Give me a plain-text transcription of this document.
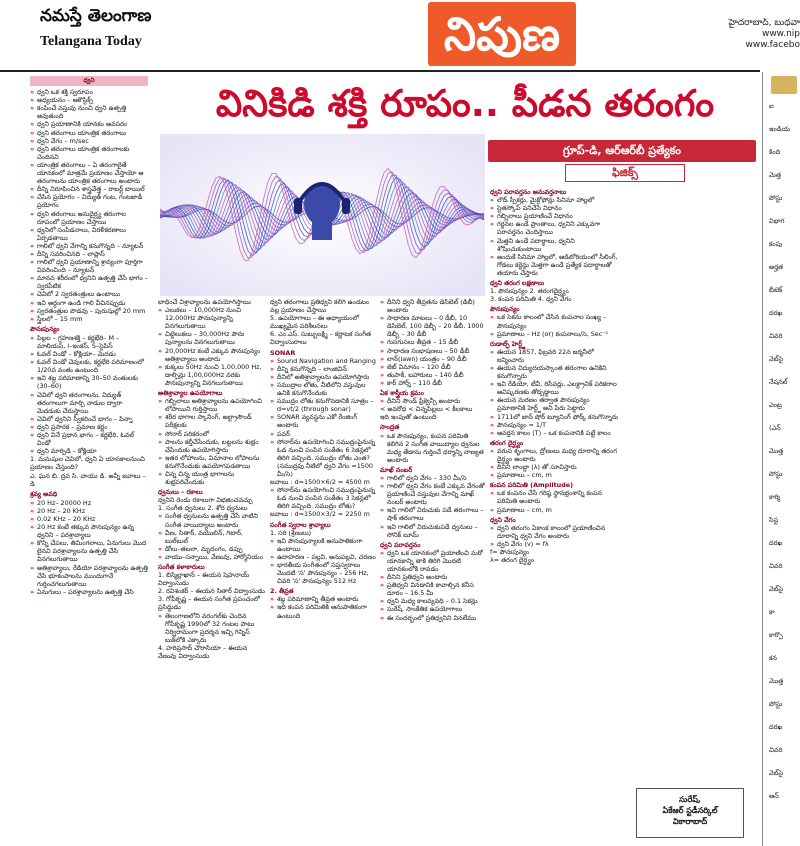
నమస్తే తెలంగాణ
Telangana Today	నిపుణ	హైదరాబాద్, బుధవా
www.nip
www.facebo
ధ్వని
» ధ్వని ఒక శక్తి స్వరూపం
» అధ్యయనం – ఆకౌస్టిక్స్
» కంపించే వస్తువు నుంచి ధ్వని ఉత్పత్తి అవుతుంది
» ధ్వని ప్రయాణానికి యానకం అవసరం
» ధ్వని తరంగాలు యాంత్రిక తరంగాలు
» ధ్వని వేగం – m/sec
» ధ్వని తరంగాలు యాంత్రిక తరంగాలకు చెందినవి
» యాంత్రిక తరంగాలు – ఏ తరంగాలైతే యానకంలో మాత్రమే ప్రయాణం చేస్తాయో ఆ తరంగాలను యాంత్రిక తరంగాలు అంటారు
» దీన్ని నిరూపించిన శాస్త్రవేత్త – రాబర్ట్ బాయిల్
» చేసిన ప్రయోగం – విద్యుత్ గంట, గంటజాడీ ప్రయోగం
» ధ్వని తరంగాలు అనుదైర్ఘ్య తరంగాల రూపంలో ప్రయాణం చేస్తాయి
» ధ్వనిలో సంపీడనాలు, విరళీకరణాలు ఏర్పడతాయి
» గాలిలో ధ్వని వేగాన్ని కనుగొన్నది – న్యూటన్
» దీన్ని సవరించినది – లాప్లాస్
» గాలిలో ధ్వని ప్రయాణాన్ని శ్రావ్యంగా పూర్తిగా వివరించింది – న్యూటన్
» మానవ శరీరంలో ధ్వనిని ఉత్పత్తి చేసే భాగం – స్వరపేటిక
» చెవిలో 2 స్వరతంత్రులు ఉంటాయి
» ఇవి అర్ధంగా ఉండి గాలి వీచినప్పుడు
» స్వరతంత్రుల పొడవు – పురుషుల్లో 20 mm
» స్త్రీలలో – 15 mm
పౌనఃపున్యం
» పిల్లల – గ్రహణశక్తి – కర్ణభేరి– M – మాలియస్, I–ఇంకస్, S–స్టెపిస్
» ఓవల్ విండో – కోక్లియా– మెదడు
» ఓవల్ విండో చెవులకు, కర్ణభేరి పరిమాణంలో 1/20వ వంతు ఉంటుంది
» ఇవి శబ్ద పరిమాణాన్ని 30–50 వంతులకు (30–60)
» చెవిలో ధ్వని తరంగాలను, విద్యుత్ తరంగాలుగా మార్చి నాడుల ద్వారా మెదడుకు చేరుస్తాయి
» చెవిలో ధ్వనిని స్వీకరించే భాగం – పిన్నా
» ధ్వని ప్రసారక – ప్రమాణ కర్ణం
» ధ్వని వినే ప్రధాన భాగం – కర్ణభేరి, ఓవల్ విండో
» ధ్వని మార్పిడి – కోక్లియా
1. మనుషుల చెవిలో, ధ్వని ఏ యానకాలనుంచి ప్రయాణం చేస్తుంది?
ఎ. ఘన బి. ద్రవ సి. వాయు డి. అన్నీ జవాబు – డి
శ్రవ్య అవధి
» 20 Hz– 20000 Hz
» 20 Hz – 20 KHz
» 0.02 KHz – 20 KHz
» 20 Hz కంటే తక్కువ పౌనఃపున్యం ఉన్న ధ్వనిని – పరశ్రావ్యాలు
» కొన్ని చేపలు, తిమింగలాలు, ఏనుగులు మొద లైనవి పరశ్రావ్యాలను ఉత్పత్తి చేసి వినగలుగుతాయి
» అతిశ్రావ్యాలు, రేడియో పరశ్రావ్యాలను ఉత్పత్తి చేసి భూకంపాలను ముందుగానే గుర్తించగలుగుతాయి
» ఏనుగులు – పరశ్రావ్యాలను ఉత్పత్తి చేసి
వినికిడి శక్తి రూపం.. పీడన తరంగం
గ్రూప్-డి, ఆర్ఆర్‌బీ ప్రత్యేకం
ఫిజిక్స్
బాధించే విశ్రావ్యాలను ఉపయోగిస్తాయి
» ఎలుకలు – 10,000Hz నుంచి 12,000Hz పౌనఃపున్యాన్ని వినగలుగుతాయి
» చిట్టెలుకలు – 30,000Hz పౌనః పున్యాలను వినగలుగుతాయి
» 20,000Hz కంటే ఎక్కువ పౌనఃపున్యం అతిశ్రావ్యాలు అంటారు
» కుక్కలు 50Hz నుంచి 1,00,000 Hz, డాల్ఫిన్లు 1,00,000Hz వరకు పౌనఃపున్యాన్ని వినగలుగుతాయి
అతిశ్రావ్యాల ఉపయోగాలు
» గబ్బిలాలు అతిశ్రావ్యాలను ఉపయోగించి లోపాయిని గుర్తిస్తాయి
» శరీర భాగాల స్కానింగ్, అల్ట్రాసౌండ్ పరీక్షలకు
» సోనార్ పరికరంలో
» పాలను కల్తీచేసేందుకు, బట్టలను శుభ్రం చేసేందుకు ఉపయోగిస్తారు
» ఇతర లోహాలను, విమానాల లోపాలను కనుగొనేందుకు ఉపయోగపడతాయి
» చిన్న చిన్న యంత్ర భాగాలను శుభ్రపరిచేందుకు
ధ్వనులు – రకాలు
ధ్వనిని రెండు రకాలుగా విభజించవచ్చు
1. సంగీత ధ్వనులు 2. శోర ధ్వనులు
» సంగీత ధ్వనులను ఉత్పత్తి చేసే వాటిని సంగీత వాయిద్యాలు అంటారు
» వీణ, సితార్, వయొలిన్, గిటార్, బుల్‌బుల్
» డోలు–తబలా, మృదంగం, డప్పు
» వాయు–సన్నాయి, వేణువు, హార్మోనియం
సంగీత కళాకారులు
1. బిస్మిల్లాఖాన్ – ఈయన షెహనాయ్ విద్వాంసుడు
2. రవిశంకర్ – ఈయన సితార్ విద్వాంసుడు
3. గోపీకృష్ణ – ఈయన సంగీత ప్రపంచంలో ప్రసిద్ధుడు
» తెలంగాణలోని వరంగల్‌కు చెందిన గోపీకృష్ణ 1990లో 32 గంటల పాటు నిర్విరామంగా ప్రదర్శన ఇచ్చి గిన్నిస్ బుక్‌లోకి ఎక్కారు
4. హరిప్రసాద్ చౌరాసియా – ఈయన వేణువు విద్వాంసుడు
ధ్వని తరంగాలు ప్రతిధ్వని కలిగి ఉండటం వల్ల ప్రయాణం చేస్తాయి
5. ఉపయోగాలు – ఈ అధ్యాయంలో ముఖ్యమైన పరిశీలనలు
6. ఎం.ఎస్. సుబ్బులక్ష్మి – కర్ణాటక సంగీత విద్వాంసురాలు
SONAR
» Sound Navigation and Ranging
» దీన్ని కనుగొన్నది – లాంజివిన్
» దీనిలో అతిశ్రావ్యాలను ఉపయోగిస్తారు
» సముద్రాల లోతు, నీటిలోని వస్తువుల ఉనికి కనుగొనేందుకు
» సముద్రం లోతు కనుగొనడానికి సూత్రం – d=vt/2 (through sonar)
» SONAR వ్యవస్థను ఎకో రేంజింగ్ అంటారు
» పవర్
» సోనార్‌ను ఉపయోగించి సముద్రంపైనున్న ఓడ నుంచి పంపిన సంకేతం 6 సెకన్లలో తిరిగి వచ్చింది. సముద్రం లోతు ఎంత? (సముద్రపు నీటిలో ధ్వని వేగం =1500 మీ/సె)
జవాబు : d=1500×6/2 = 4500 m
» సోనార్‌ను ఉపయోగించి సముద్రంపైనున్న ఓడ నుంచి పంపిన సంకేతం 3 సెకన్లలో తిరిగి వచ్చింది. సముద్రం లోతు?
జవాబు : d=1500×3/2 = 2250 m
సంగీత స్వరాల శ్రావ్యాలు
1. సరి (శ్రేణులు)
» ఇవి పౌనఃపున్యాలకి ఆనుపాతికంగా ఉంటాయి
» ఉదాహరణ – పల్లవి, అనుపల్లవి, చరణం
» భారతీయ సంగీతంలో సప్తస్వరాలు మొదటి 'స' పౌనఃపున్యం – 256 Hz, చివరి 'స' పౌనఃపున్యం 512 Hz
2. తీవ్రత
» శబ్ద పరిమాణాన్ని తీవ్రత అంటారు
» ఇది కంపన పరిమితికి ఆనుపాతికంగా ఉంటుంది
» దీనిని ధ్వని తీవ్రతను డెసిబెల్ (డిబీ) అంటారు
» సాధారణ మాటలు – 0 డీబీ, 10 డెసిబెల్, 100 డెబ్బీ – 20 డీబీ, 1000 డెబ్బీ – 30 డీబీ
» గుసగుసలు తీవ్రత – 15 డీబీ
» సాధారణ సంభాషణలు – 50 డీబీ
» లాన్(lawn) యంత్రం – 90 డీబీ
» జెట్ విమానం – 120 డీబీ
» తుపాకీ, బహారులు – 140 డీబీ
» కార్ హార్న్ – 110 డీబీ
ఏక శాస్త్రీయ క్రమం
» దీనిని సౌండ్ ఫ్రీక్వెన్సీ అంటారు
< అవరోధ < చిన్నపిల్లలు < కీలకాలు
ఇది ఇంపుతో ఉంటుంది
సాంద్రత
» ఒక పౌనఃపున్యం, కంపన పరిమితి కలిగిన 2 సంగీత వాయిద్యాల ధ్వనుల మధ్య తేడాను గుర్తించే ధర్మాన్ని నాణ్యత అంటారు
మాఖ్ నంబర్
» గాలిలో ధ్వని వేగం – 330 మీ/సె
» గాలిలో ధ్వని వేగం కంటే ఎక్కువ వేగంతో ప్రయాణించే వస్తువుల వేగాన్ని మాఖ్ నంబర్ అంటారు
» ఇవి గాలిలో విరుచుకు పడే తరంగాలు – షాక్ తరంగాలు
» ఇవి గాలిలో విరుచుకుపడే ధ్వనులు – సోనిక్ బూమ్
ధ్వని పరావర్తనం
» ధ్వని ఒక యానకంలో ప్రయాణించి మరో యానకాన్ని తాకి తిరిగి మొదటి యానకంలోకి రావడం
» దీనిని ప్రతిధ్వని అంటారు
» ప్రతిధ్వని వినడానికి కావాల్సిన కనీస దూరం – 16.5 మీ
» ధ్వని మధ్య కాలవ్యవధి – 0.1 సెకన్లు
» సురేష్, సాంకేతిక ఉపయోగాలు
» ఈ సందర్భంలో ప్రతిధ్వనిని వినలేము
ధ్వని పరావర్తనం అనువర్తనాలు
» లౌడ్ స్పీకర్లు, మైక్రోఫోన్లు సినిమా హాల్లలో
» స్టెతస్కోప్ పనిచేసే విధానం
» గబ్బిలాలు ప్రయాణించే విధానం
» గర్జనల ఉండే ప్రాంతాలు, ధ్వనిని ఎక్కువగా పరావర్తనం చెందిస్తాయి
» మెత్తని ఉండే పదార్థాలు, ధ్వనిని శోషించుకుంటాయి
» అందుకే సినిమా హాల్లలో, ఆడిటోరియంలో సీలింగ్, గోడలు కర్టెన్లు మెత్తగా ఉండే ప్రత్యేక పదార్థాలతో తయారు చేస్తారు
ధ్వని తరంగ లక్షణాలు
1. పౌనఃపున్యం 2. తరంగదైర్ఘ్యం
3. కంపన పరిమితి 4. ధ్వని వేగం
పౌనఃపున్యం
» ఒక సెకను కాలంలో చేసిన కంపనాల సంఖ్య – పౌనఃపున్యం
» ప్రమాణాలు – Hz (or) కంపనాలు/సె, Sec⁻¹
రుడాల్ఫ్ హెర్ట్జ్
» ఈయన 1857, ఫిబ్రవరి 22న జర్మనీలో జన్మించారు
» ఈయన విద్యుదయస్కాంత తరంగాల ఉనికిని కనుగొన్నారు
» ఇవి రేడియో, టీవీ, రిసీవర్లు, ఎలక్ట్రానిక్ పరికరాల ఆవిష్కరణకు తోడ్పడ్డాయి
» ఈయన మరణం తర్వాత పౌనఃపున్యం ప్రమాణానికి హెర్ట్జ్ అని పేరు పెట్టారు
» 1711లో జాన్ షోర్ ట్యూనింగ్ ఫోర్క్ కనుగొన్నారు
» పౌనఃపున్యం = 1/T
» ఆవర్తన కాలం (T) – ఒక కంపనానికి పట్టే కాలం
తరంగ దైర్ఘ్యం
» వరుస శృంగాలు, ద్రోణులు మధ్య దూరాన్ని తరంగ దైర్ఘ్యం అంటారు
» దీనిని లాంబ్డా (λ) తో సూచిస్తారు
» ప్రమాణాలు – cm, m
కంపన పరిమితి (Amplitude)
» ఒక కంపనం చేసే గరిష్ఠ స్థానభ్రంశాన్ని కంపన పరిమితి అంటారు
» ప్రమాణాలు – cm, m
ధ్వని వేగం
» ధ్వని తరంగం ఏకాంక కాలంలో ప్రయాణించిన దూరాన్ని ధ్వని వేగం అంటారు
» ధ్వని వేగం (v) = fλ
f= పౌనఃపున్యం
λ= తరంగ దైర్ఘ్యం
సురేష్,
ఏకేఆర్ స్టడీసర్కిల్
వికారాబాద్
ఐ
ఇండియ
కింది
మెత్త
పోస్టు
విభాగ
కంపు
అర్హత
బీటెక్
దరఖ
చివరి
వెబ్‌సై
నేషనల్
ఎంట్ర
(ఎన్
మొత్త
పోస్టు
కార్మి
సిస్ట
దరఖ
చివరి
వెబ్‌సై
కా
కార్పొ
కన
మొత్త
పోస్టు
దరఖ
చివరి
వెబ్‌సై
ఆన్‌
